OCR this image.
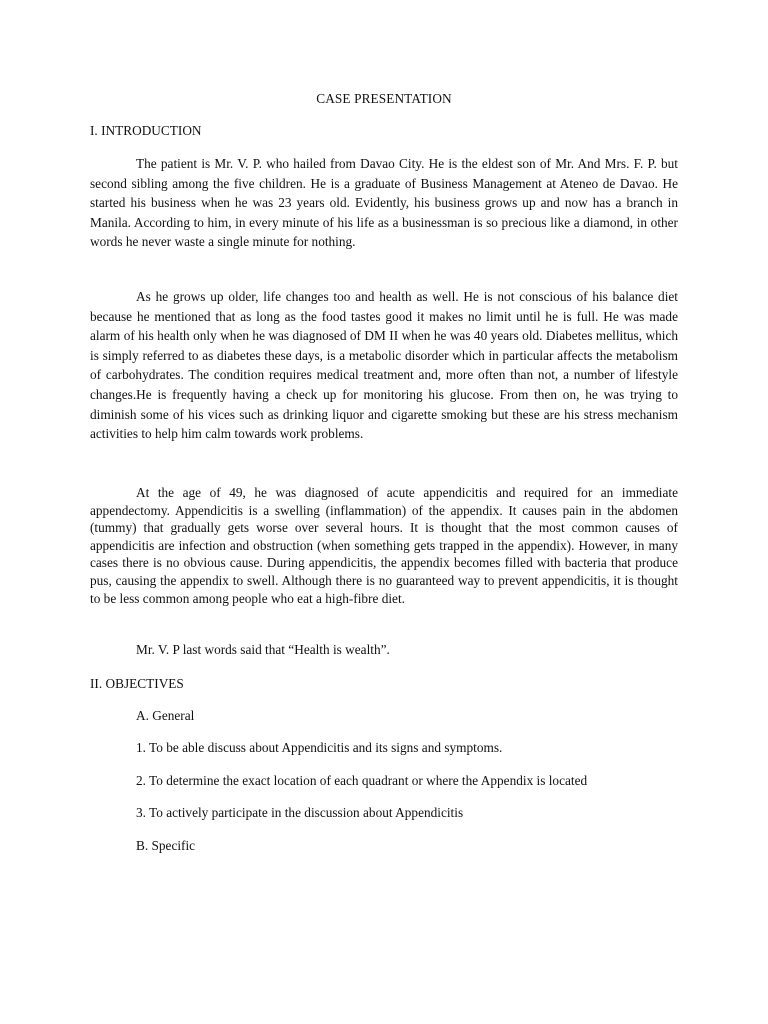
CASE PRESENTATION
I. INTRODUCTION

The patient is Mr. V. P. who hailed from Davao City. He is the eldest son of Mr. And Mrs. F. P. but second sibling among the five children. He is a graduate of Business Management at Ateneo de Davao. He started his business when he was 23 years old. Evidently, his business grows up and now has a branch in Manila. According to him, in every minute of his life as a businessman is so precious like a diamond, in other words he never waste a single minute for nothing.

As he grows up older, life changes too and health as well. He is not conscious of his balance diet because he mentioned that as long as the food tastes good it makes no limit until he is full. He was made alarm of his health only when he was diagnosed of DM II when he was 40 years old. Diabetes mellitus, which is simply referred to as diabetes these days, is a metabolic disorder which in particular affects the metabolism of carbohydrates. The condition requires medical treatment and, more often than not, a number of lifestyle changes.He is frequently having a check up for monitoring his glucose. From then on, he was trying to diminish some of his vices such as drinking liquor and cigarette smoking but these are his stress mechanism activities to help him calm towards work problems.

At the age of 49, he was diagnosed of acute appendicitis and required for an immediate appendectomy. Appendicitis is a swelling (inflammation) of the appendix. It causes pain in the abdomen (tummy) that gradually gets worse over several hours. It is thought that the most common causes of appendicitis are infection and obstruction (when something gets trapped in the appendix). However, in many cases there is no obvious cause. During appendicitis, the appendix becomes filled with bacteria that produce pus, causing the appendix to swell. Although there is no guaranteed way to prevent appendicitis, it is thought to be less common among people who eat a high-fibre diet.

Mr. V. P last words said that “Health is wealth”.

II. OBJECTIVES
A. General
1. To be able discuss about Appendicitis and its signs and symptoms.
2. To determine the exact location of each quadrant or where the Appendix is located
3. To actively participate in the discussion about Appendicitis
B. Specific
